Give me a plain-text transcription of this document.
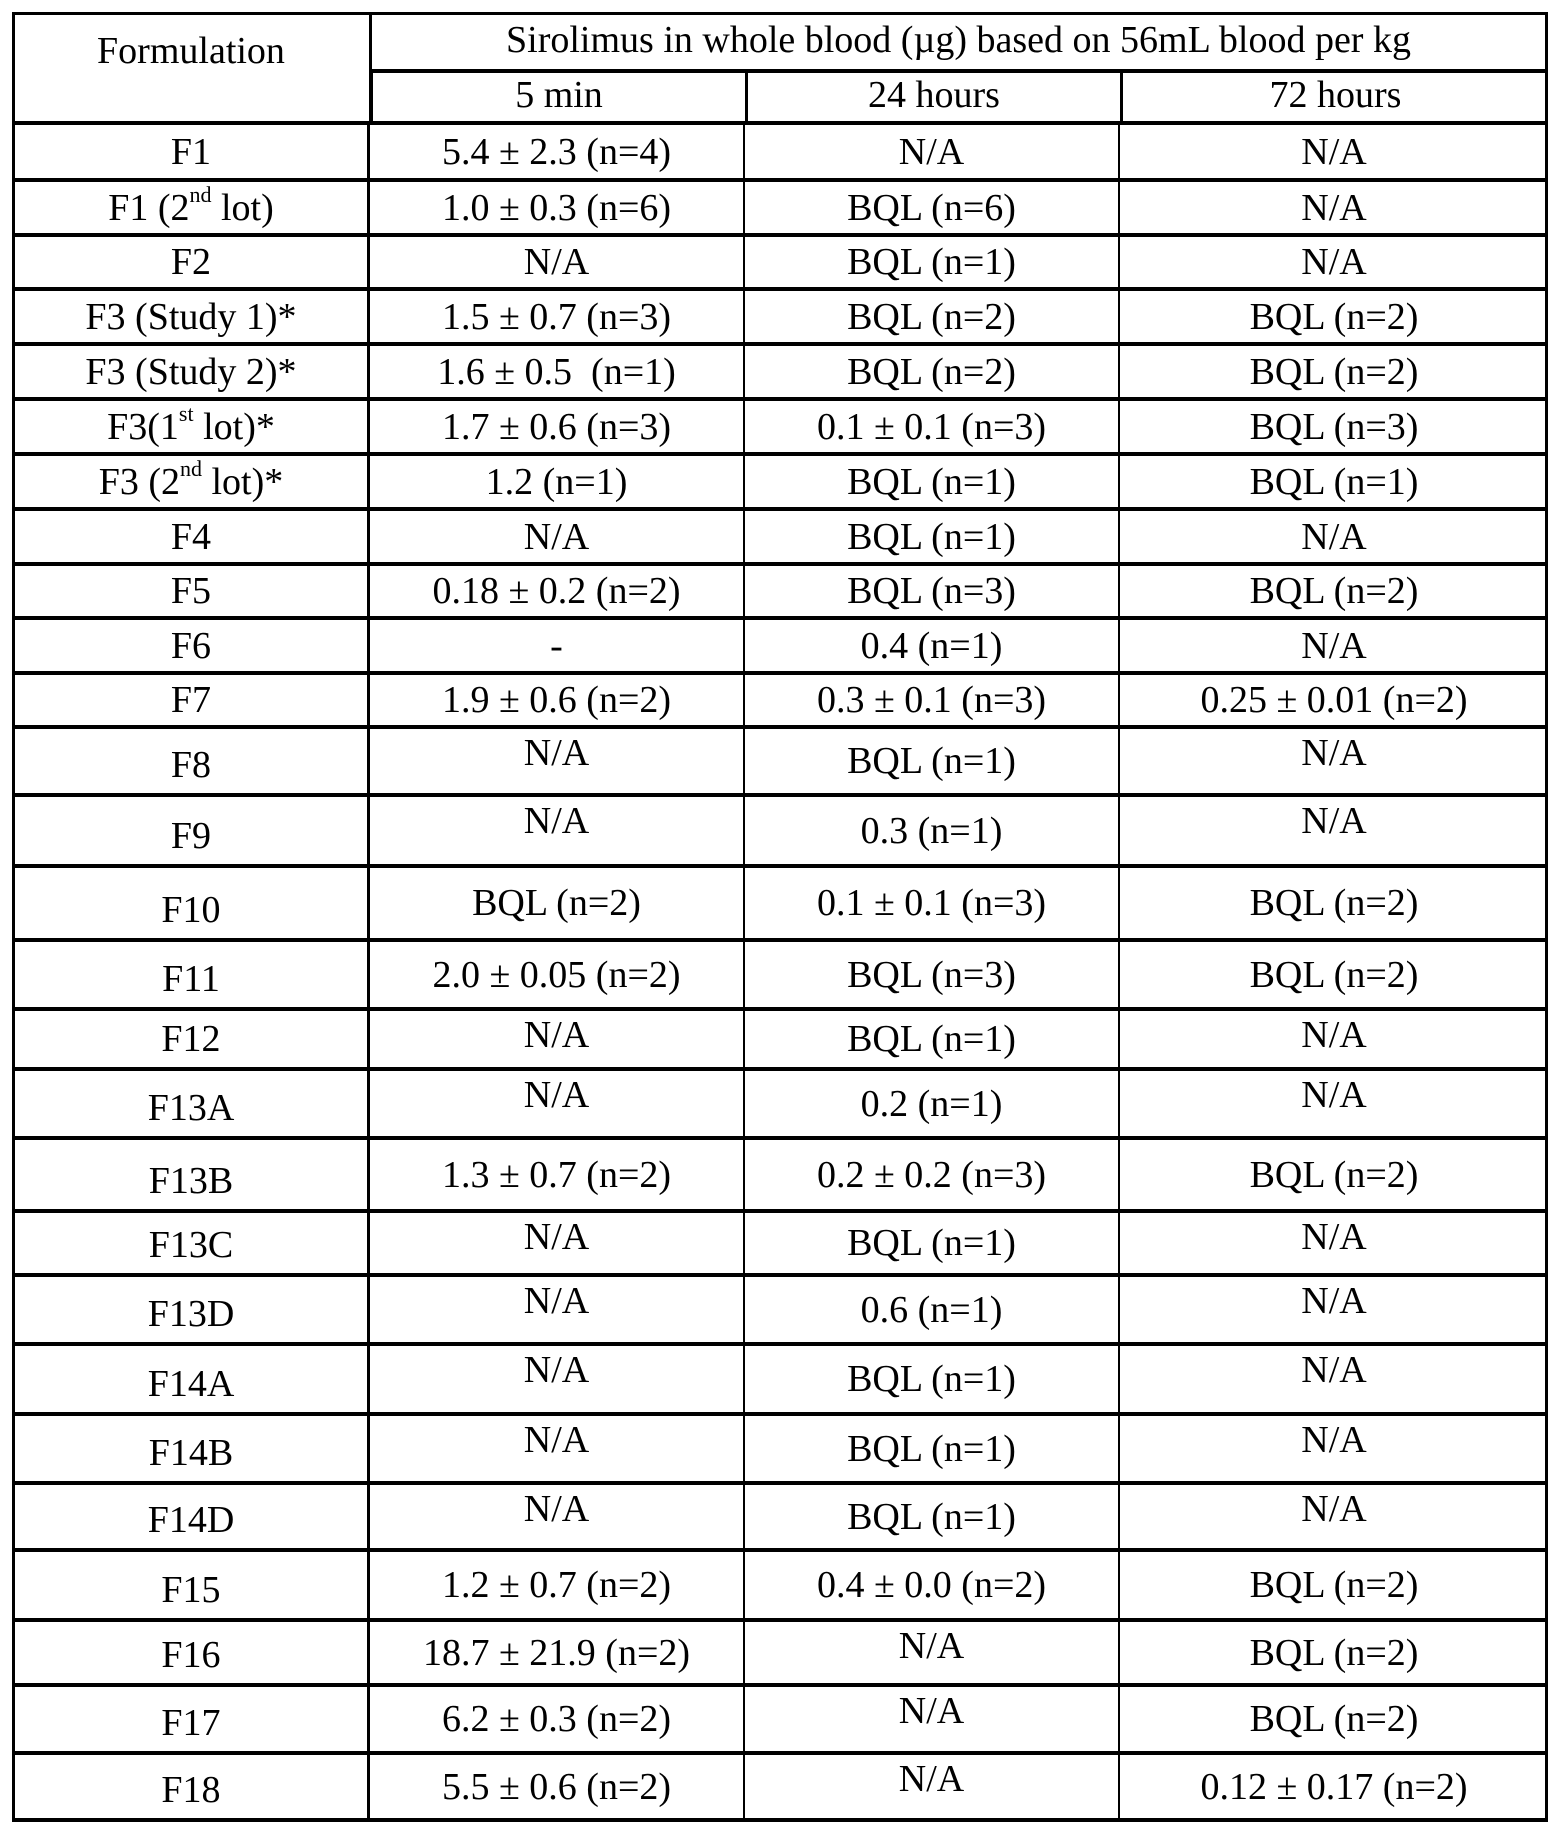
Formulation	Sirolimus in whole blood (µg) based on 56mL blood per kg
5 min	24 hours	72 hours
F1	5.4 ± 2.3 (n=4)	N/A	N/A
F1 (2nd lot)	1.0 ± 0.3 (n=6)	BQL (n=6)	N/A
F2	N/A	BQL (n=1)	N/A
F3 (Study 1)*	1.5 ± 0.7 (n=3)	BQL (n=2)	BQL (n=2)
F3 (Study 2)*	1.6 ± 0.5  (n=1)	BQL (n=2)	BQL (n=2)
F3(1st lot)*	1.7 ± 0.6 (n=3)	0.1 ± 0.1 (n=3)	BQL (n=3)
F3 (2nd lot)*	1.2 (n=1)	BQL (n=1)	BQL (n=1)
F4	N/A	BQL (n=1)	N/A
F5	0.18 ± 0.2 (n=2)	BQL (n=3)	BQL (n=2)
F6	-	0.4 (n=1)	N/A
F7	1.9 ± 0.6 (n=2)	0.3 ± 0.1 (n=3)	0.25 ± 0.01 (n=2)
F8	N/A	BQL (n=1)	N/A
F9	N/A	0.3 (n=1)	N/A
F10	BQL (n=2)	0.1 ± 0.1 (n=3)	BQL (n=2)
F11	2.0 ± 0.05 (n=2)	BQL (n=3)	BQL (n=2)
F12	N/A	BQL (n=1)	N/A
F13A	N/A	0.2 (n=1)	N/A
F13B	1.3 ± 0.7 (n=2)	0.2 ± 0.2 (n=3)	BQL (n=2)
F13C	N/A	BQL (n=1)	N/A
F13D	N/A	0.6 (n=1)	N/A
F14A	N/A	BQL (n=1)	N/A
F14B	N/A	BQL (n=1)	N/A
F14D	N/A	BQL (n=1)	N/A
F15	1.2 ± 0.7 (n=2)	0.4 ± 0.0 (n=2)	BQL (n=2)
F16	18.7 ± 21.9 (n=2)	N/A	BQL (n=2)
F17	6.2 ± 0.3 (n=2)	N/A	BQL (n=2)
F18	5.5 ± 0.6 (n=2)	N/A	0.12 ± 0.17 (n=2)
